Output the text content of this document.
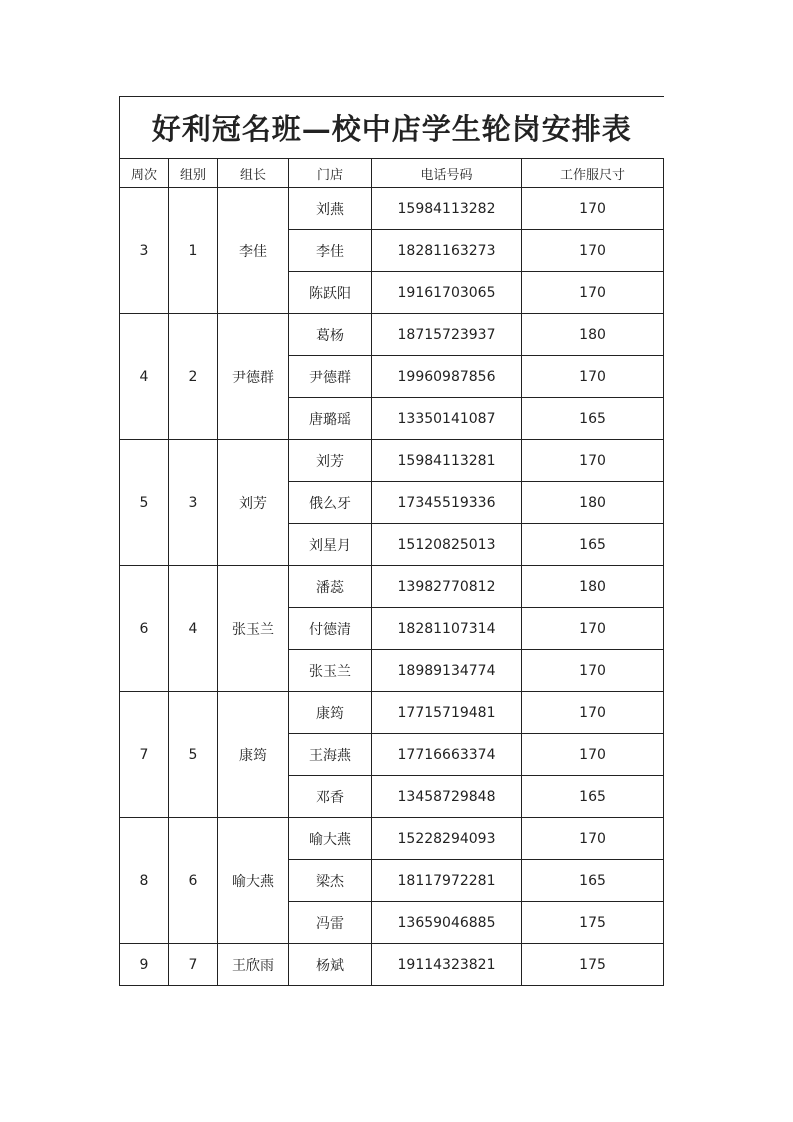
好利冠名班—校中店学生轮岗安排表					
周次	组别	组长	门店	电话号码	工作服尺寸
3	1	李佳	刘燕	15984113282	170
			李佳	18281163273	170
			陈跃阳	19161703065	170
4	2	尹德群	葛杨	18715723937	180
			尹德群	19960987856	170
			唐璐瑶	13350141087	165
5	3	刘芳	刘芳	15984113281	170
			俄么牙	17345519336	180
			刘星月	15120825013	165
6	4	张玉兰	潘蕊	13982770812	180
			付德清	18281107314	170
			张玉兰	18989134774	170
7	5	康筠	康筠	17715719481	170
			王海燕	17716663374	170
			邓香	13458729848	165
8	6	喻大燕	喻大燕	15228294093	170
			梁杰	18117972281	165
			冯雷	13659046885	175
9	7	王欣雨	杨斌	19114323821	175
